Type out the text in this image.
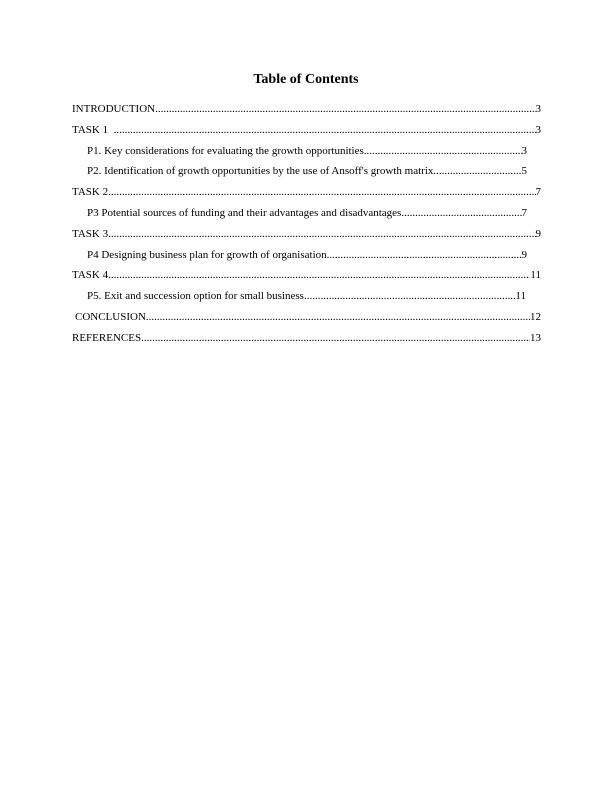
Table of Contents
INTRODUCTION .....	3
TASK 1 .....	3
P1. Key considerations for evaluating the growth opportunities .....	3
P2. Identification of growth opportunities by the use of Ansoff's growth matrix .....	5
TASK 2 .....	7
P3 Potential sources of funding and their advantages and disadvantages .....	7
TASK 3 .....	9
P4 Designing business plan for growth of organisation .....	9
TASK 4 .....	11
P5. Exit and succession option for small business .....	11
CONCLUSION .....	12
REFERENCES .....	13
